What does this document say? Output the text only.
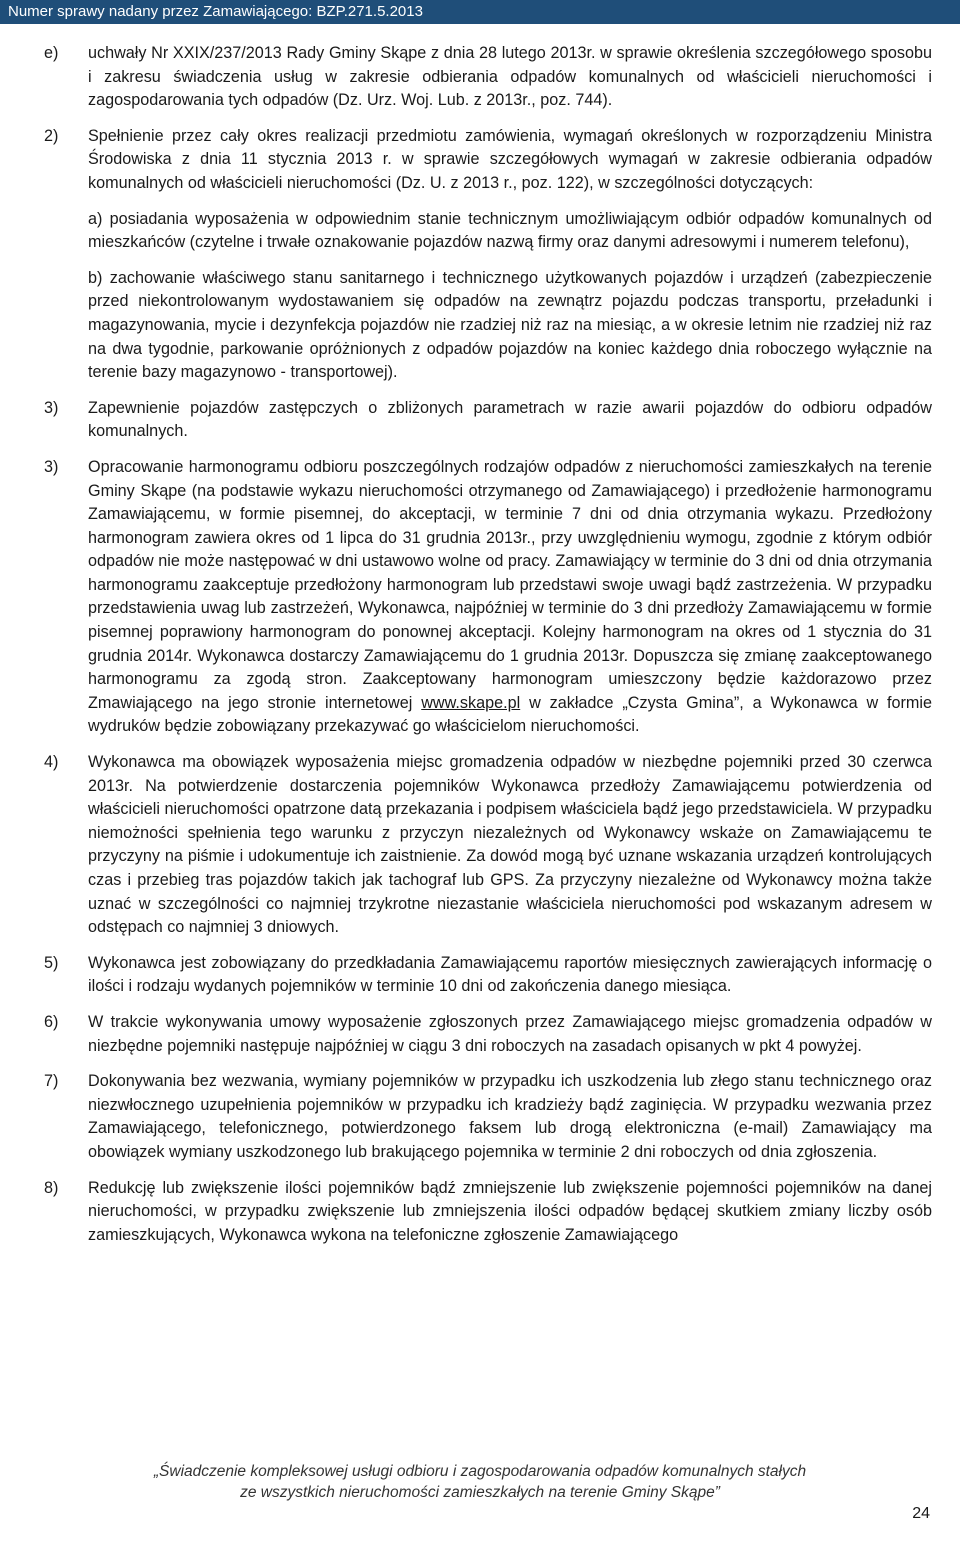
Numer sprawy nadany przez Zamawiającego: BZP.271.5.2013
e)	uchwały Nr XXIX/237/2013 Rady Gminy Skąpe z dnia 28 lutego 2013r. w sprawie określenia szczegółowego sposobu i zakresu świadczenia usług w zakresie odbierania odpadów komunalnych od właścicieli nieruchomości i zagospodarowania tych odpadów (Dz. Urz. Woj. Lub. z 2013r., poz. 744).

2)	Spełnienie przez cały okres realizacji przedmiotu zamówienia, wymagań określonych w rozporządzeniu Ministra Środowiska z dnia 11 stycznia 2013 r. w sprawie szczegółowych wymagań w zakresie odbierania odpadów komunalnych od właścicieli nieruchomości (Dz. U. z 2013 r., poz. 122), w szczególności dotyczących:

a) posiadania wyposażenia w odpowiednim stanie technicznym umożliwiającym odbiór odpadów komunalnych od mieszkańców (czytelne i trwałe oznakowanie pojazdów nazwą firmy oraz danymi adresowymi i numerem telefonu),

b) zachowanie właściwego stanu sanitarnego i technicznego użytkowanych pojazdów i urządzeń (zabezpieczenie przed niekontrolowanym wydostawaniem się odpadów na zewnątrz pojazdu podczas transportu, przeładunki i magazynowania, mycie i dezynfekcja pojazdów nie rzadziej niż raz na miesiąc, a w okresie letnim nie rzadziej niż raz na dwa tygodnie, parkowanie opróżnionych z odpadów pojazdów na koniec każdego dnia roboczego wyłącznie na terenie bazy magazynowo - transportowej).

3)	Zapewnienie pojazdów zastępczych o zbliżonych parametrach w razie awarii pojazdów do odbioru odpadów komunalnych.

3)	Opracowanie harmonogramu odbioru poszczególnych rodzajów odpadów z nieruchomości zamieszkałych na terenie Gminy Skąpe (na podstawie wykazu nieruchomości otrzymanego od Zamawiającego) i przedłożenie harmonogramu Zamawiającemu, w formie pisemnej, do akceptacji, w terminie 7 dni od dnia otrzymania wykazu. Przedłożony harmonogram zawiera okres od 1 lipca do 31 grudnia 2013r., przy uwzględnieniu wymogu, zgodnie z którym odbiór odpadów nie może następować w dni ustawowo wolne od pracy. Zamawiający w terminie do 3 dni od dnia otrzymania harmonogramu zaakceptuje przedłożony harmonogram lub przedstawi swoje uwagi bądź zastrzeżenia. W przypadku przedstawienia uwag lub zastrzeżeń, Wykonawca, najpóźniej w terminie do 3 dni przedłoży Zamawiającemu w formie pisemnej poprawiony harmonogram do ponownej akceptacji. Kolejny harmonogram na okres od 1 stycznia do 31 grudnia 2014r. Wykonawca dostarczy Zamawiającemu do 1 grudnia 2013r. Dopuszcza się zmianę zaakceptowanego harmonogramu za zgodą stron. Zaakceptowany harmonogram umieszczony będzie każdorazowo przez Zmawiającego na jego stronie internetowej www.skape.pl w zakładce „Czysta Gmina”, a Wykonawca w formie wydruków będzie zobowiązany przekazywać go właścicielom nieruchomości.

4)	Wykonawca ma obowiązek wyposażenia miejsc gromadzenia odpadów w niezbędne pojemniki przed 30 czerwca 2013r. Na potwierdzenie dostarczenia pojemników Wykonawca przedłoży Zamawiającemu potwierdzenia od właścicieli nieruchomości opatrzone datą przekazania i podpisem właściciela bądź jego przedstawiciela. W przypadku niemożności spełnienia tego warunku z przyczyn niezależnych od Wykonawcy wskaże on Zamawiającemu te przyczyny na piśmie i udokumentuje ich zaistnienie. Za dowód mogą być uznane wskazania urządzeń kontrolujących czas i przebieg tras pojazdów takich jak tachograf lub GPS. Za przyczyny niezależne od Wykonawcy można także uznać w szczególności co najmniej trzykrotne niezastanie właściciela nieruchomości pod wskazanym adresem w odstępach co najmniej 3 dniowych.

5)	Wykonawca jest zobowiązany do przedkładania Zamawiającemu raportów miesięcznych zawierających informację o ilości i rodzaju wydanych pojemników w terminie 10 dni od zakończenia danego miesiąca.

6)	W trakcie wykonywania umowy wyposażenie zgłoszonych przez Zamawiającego miejsc gromadzenia odpadów w niezbędne pojemniki następuje najpóźniej w ciągu 3 dni roboczych na zasadach opisanych w pkt 4 powyżej.

7)	Dokonywania bez wezwania, wymiany pojemników w przypadku ich uszkodzenia lub złego stanu technicznego oraz niezwłocznego uzupełnienia pojemników w przypadku ich kradzieży bądź zaginięcia. W przypadku wezwania przez Zamawiającego, telefonicznego, potwierdzonego faksem lub drogą elektroniczna (e-mail) Zamawiający ma obowiązek wymiany uszkodzonego lub brakującego pojemnika w terminie 2 dni roboczych od dnia zgłoszenia.

8)	Redukcję lub zwiększenie ilości pojemników bądź zmniejszenie lub zwiększenie pojemności pojemników na danej nieruchomości, w przypadku zwiększenie lub zmniejszenia ilości odpadów będącej skutkiem zmiany liczby osób zamieszkujących, Wykonawca wykona na telefoniczne zgłoszenie Zamawiającego

„Świadczenie kompleksowej usługi odbioru i zagospodarowania odpadów komunalnych stałych
ze wszystkich nieruchomości zamieszkałych na terenie Gminy Skąpe”
24
